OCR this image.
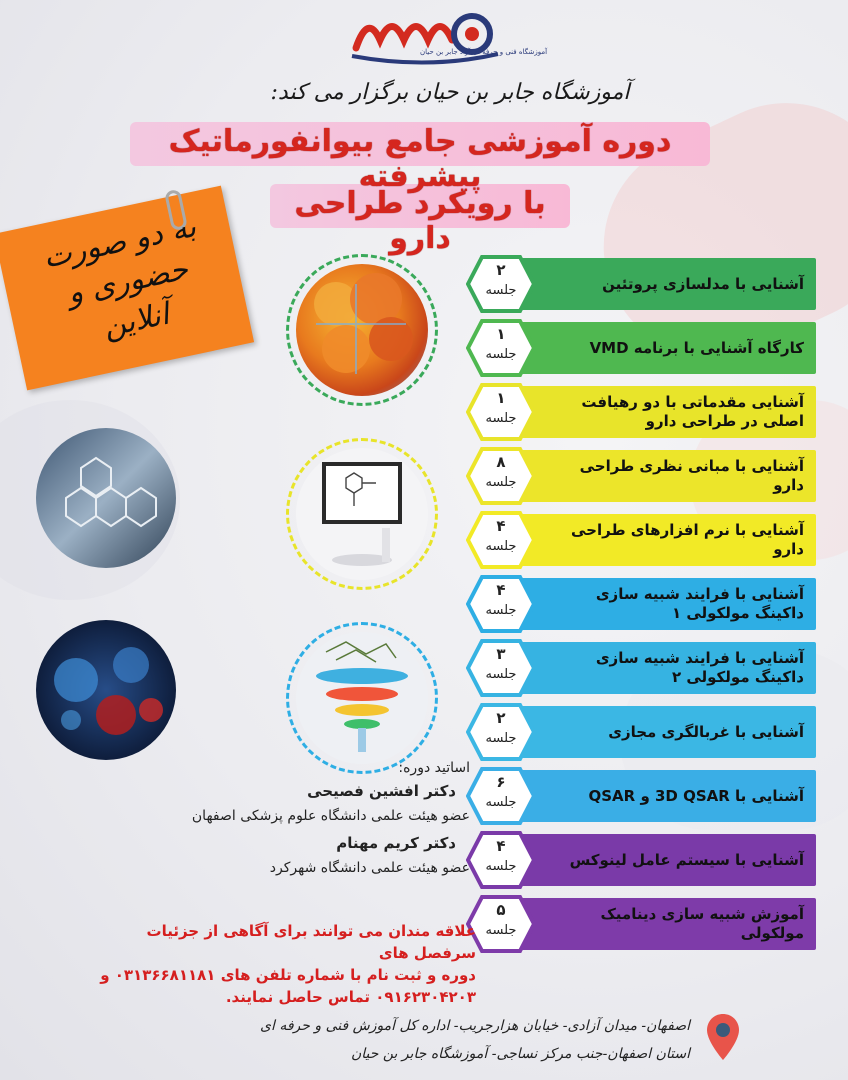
آموزشگاه فنی و حرفه ای آزاد جابر بن حیان
آموزشگاه جابر بن حیان برگزار می کند:
دوره آموزشی جامع بیوانفورماتیک پیشرفته
با رویکرد طراحی دارو
به دو صورت حضوری و آنلاین
آشنایی با مدلسازی پروتئین
۲
جلسه
کارگاه آشنایی با برنامه VMD
۱
جلسه
آشنایی مقدماتی با دو رهیافت اصلی در طراحی دارو
۱
جلسه
آشنایی با مبانی نظری طراحی دارو
۸
جلسه
آشنایی با نرم افزارهای طراحی دارو
۴
جلسه
آشنایی با فرایند شبیه سازی داکینگ مولکولی ۱
۴
جلسه
آشنایی با فرایند شبیه سازی داکینگ مولکولی ۲
۳
جلسه
آشنایی با غربالگری مجازی
۲
جلسه
آشنایی با 3D QSAR و QSAR
۶
جلسه
آشنایی با سیستم عامل لینوکس
۴
جلسه
آموزش شبیه سازی دینامیک مولکولی
۵
جلسه
اساتید دوره:
دکتر افشین فصیحی
عضو هیئت علمی دانشگاه علوم پزشکی اصفهان
دکتر کریم مهنام
عضو هیئت علمی دانشگاه شهرکرد
علاقه مندان می توانند برای آگاهی از جزئیات سرفصل های
دوره و ثبت نام با شماره تلفن های ۰۳۱۳۶۶۸۱۱۸۱ و
۰۹۱۶۲۳۰۴۲۰۳ تماس حاصل نمایند.
اصفهان- میدان آزادی- خیابان هزارجریب- اداره کل آموزش فنی و حرفه ای
استان اصفهان-جنب مرکز نساجی- آموزشگاه جابر بن حیان
